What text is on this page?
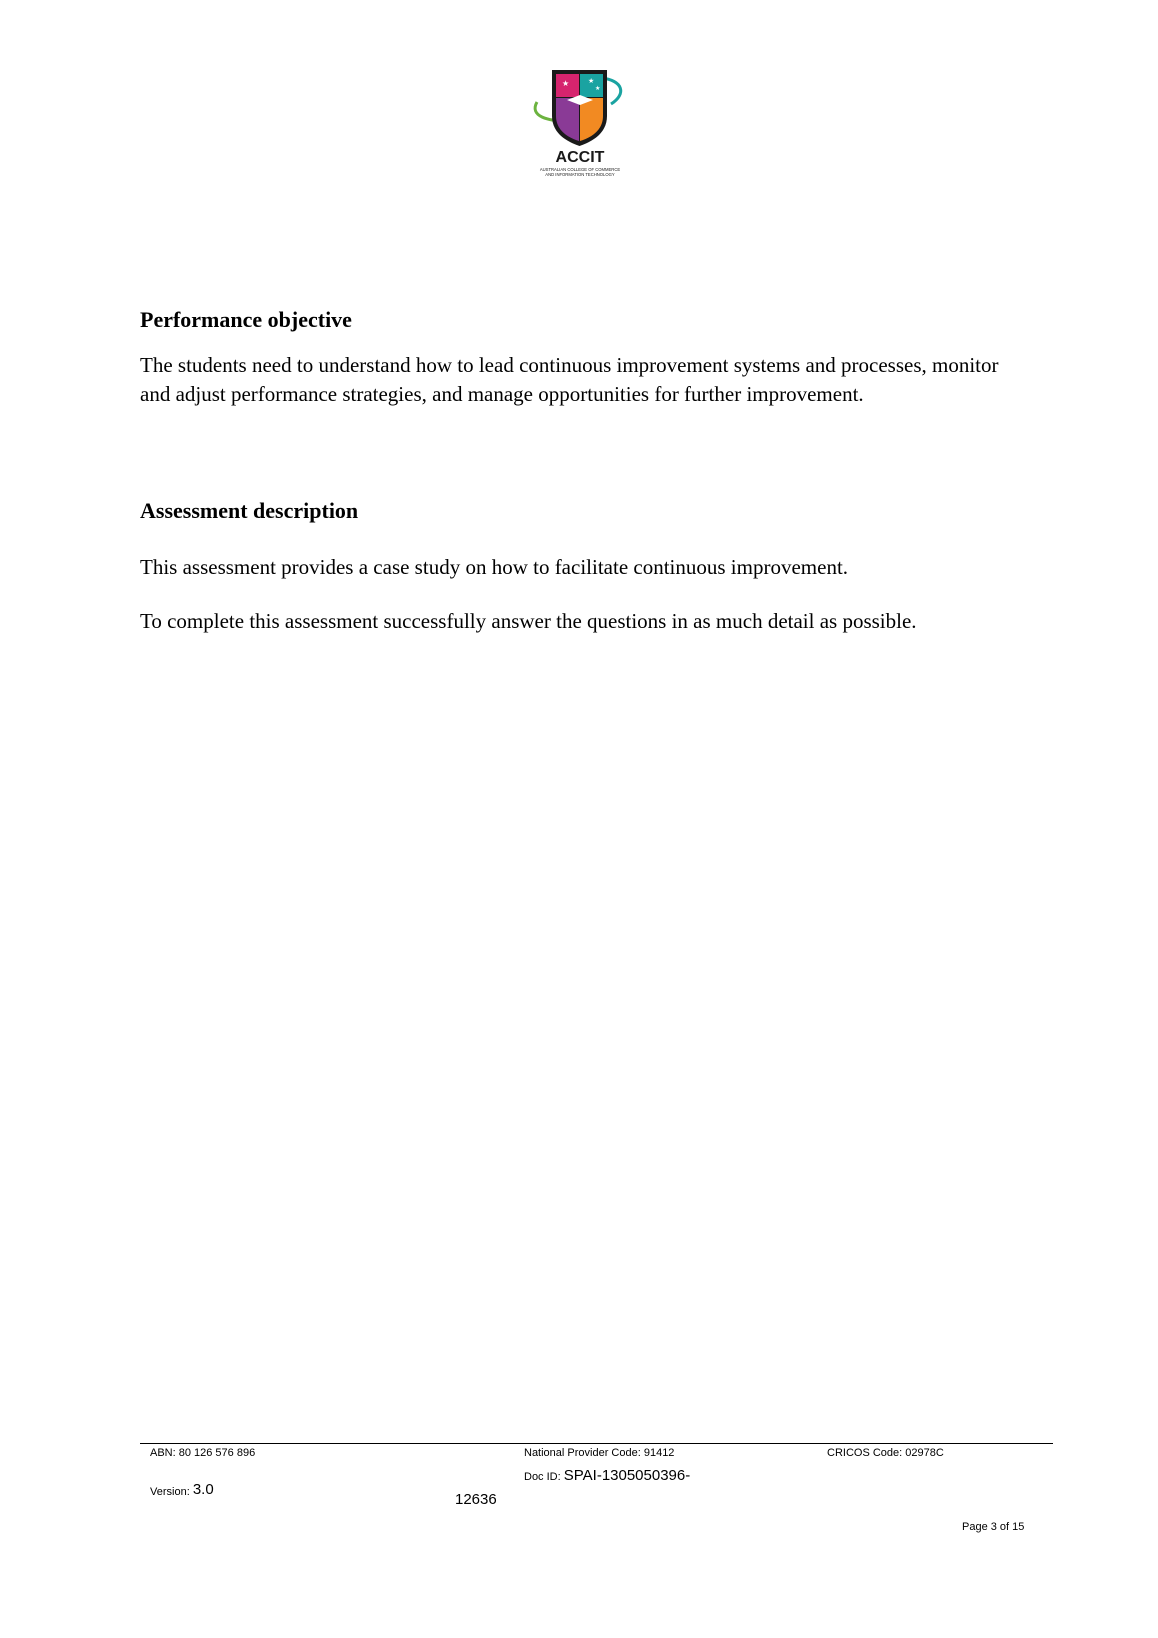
★	★
★
ACCIT
AUSTRALIAN COLLEGE OF COMMERCE
AND INFORMATION TECHNOLOGY
Performance objective

The students need to understand how to lead continuous improvement systems and processes, monitor and adjust performance strategies, and manage opportunities for further improvement.

Assessment description

This assessment provides a case study on how to facilitate continuous improvement.

To complete this assessment successfully answer the questions in as much detail as possible.

ABN: 80 126 576 896	National Provider Code: 91412	CRICOS Code: 02978C
Version: 3.0
Doc ID: SPAI-1305050396-
12636
Page 3 of 15
